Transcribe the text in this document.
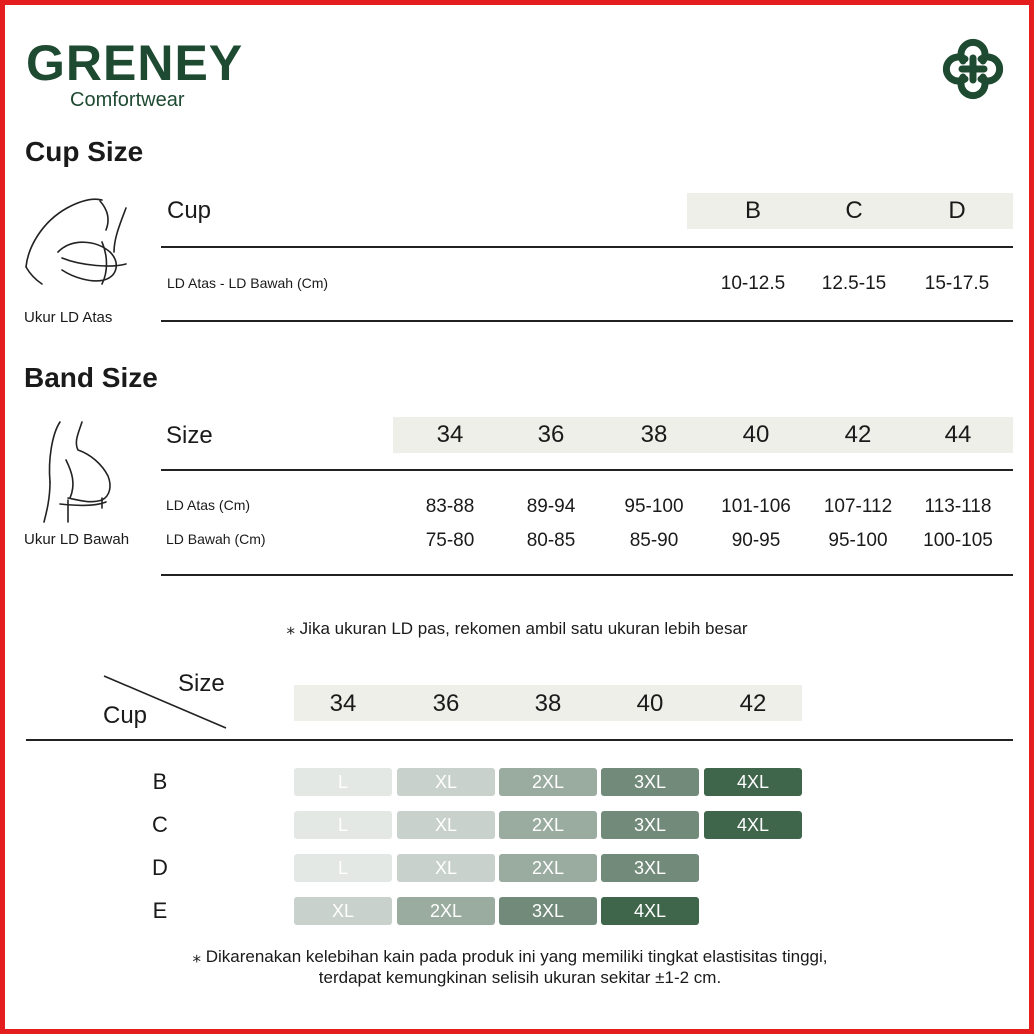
GRENEY
Comfortwear
Cup Size
Ukur LD Atas
Cup	B	C	D
LD Atas - LD Bawah (Cm)	10-12.5	12.5-15	15-17.5
Band Size
Ukur LD Bawah
Size	34	36	38	40	42	44
LD Atas (Cm)	83-88	89-94	95-100	101-106	107-112	113-118
LD Bawah (Cm)	75-80	80-85	85-90	90-95	95-100	100-105
⁎ Jika ukuran LD pas, rekomen ambil satu ukuran lebih besar
Size
Cup	34	36	38	40	42
B	L	XL	2XL	3XL	4XL
C	L	XL	2XL	3XL	4XL
D	L	XL	2XL	3XL
E	XL	2XL	3XL	4XL
⁎ Dikarenakan kelebihan kain pada produk ini yang memiliki tingkat elastisitas tinggi,
terdapat kemungkinan selisih ukuran sekitar ±1-2 cm.
